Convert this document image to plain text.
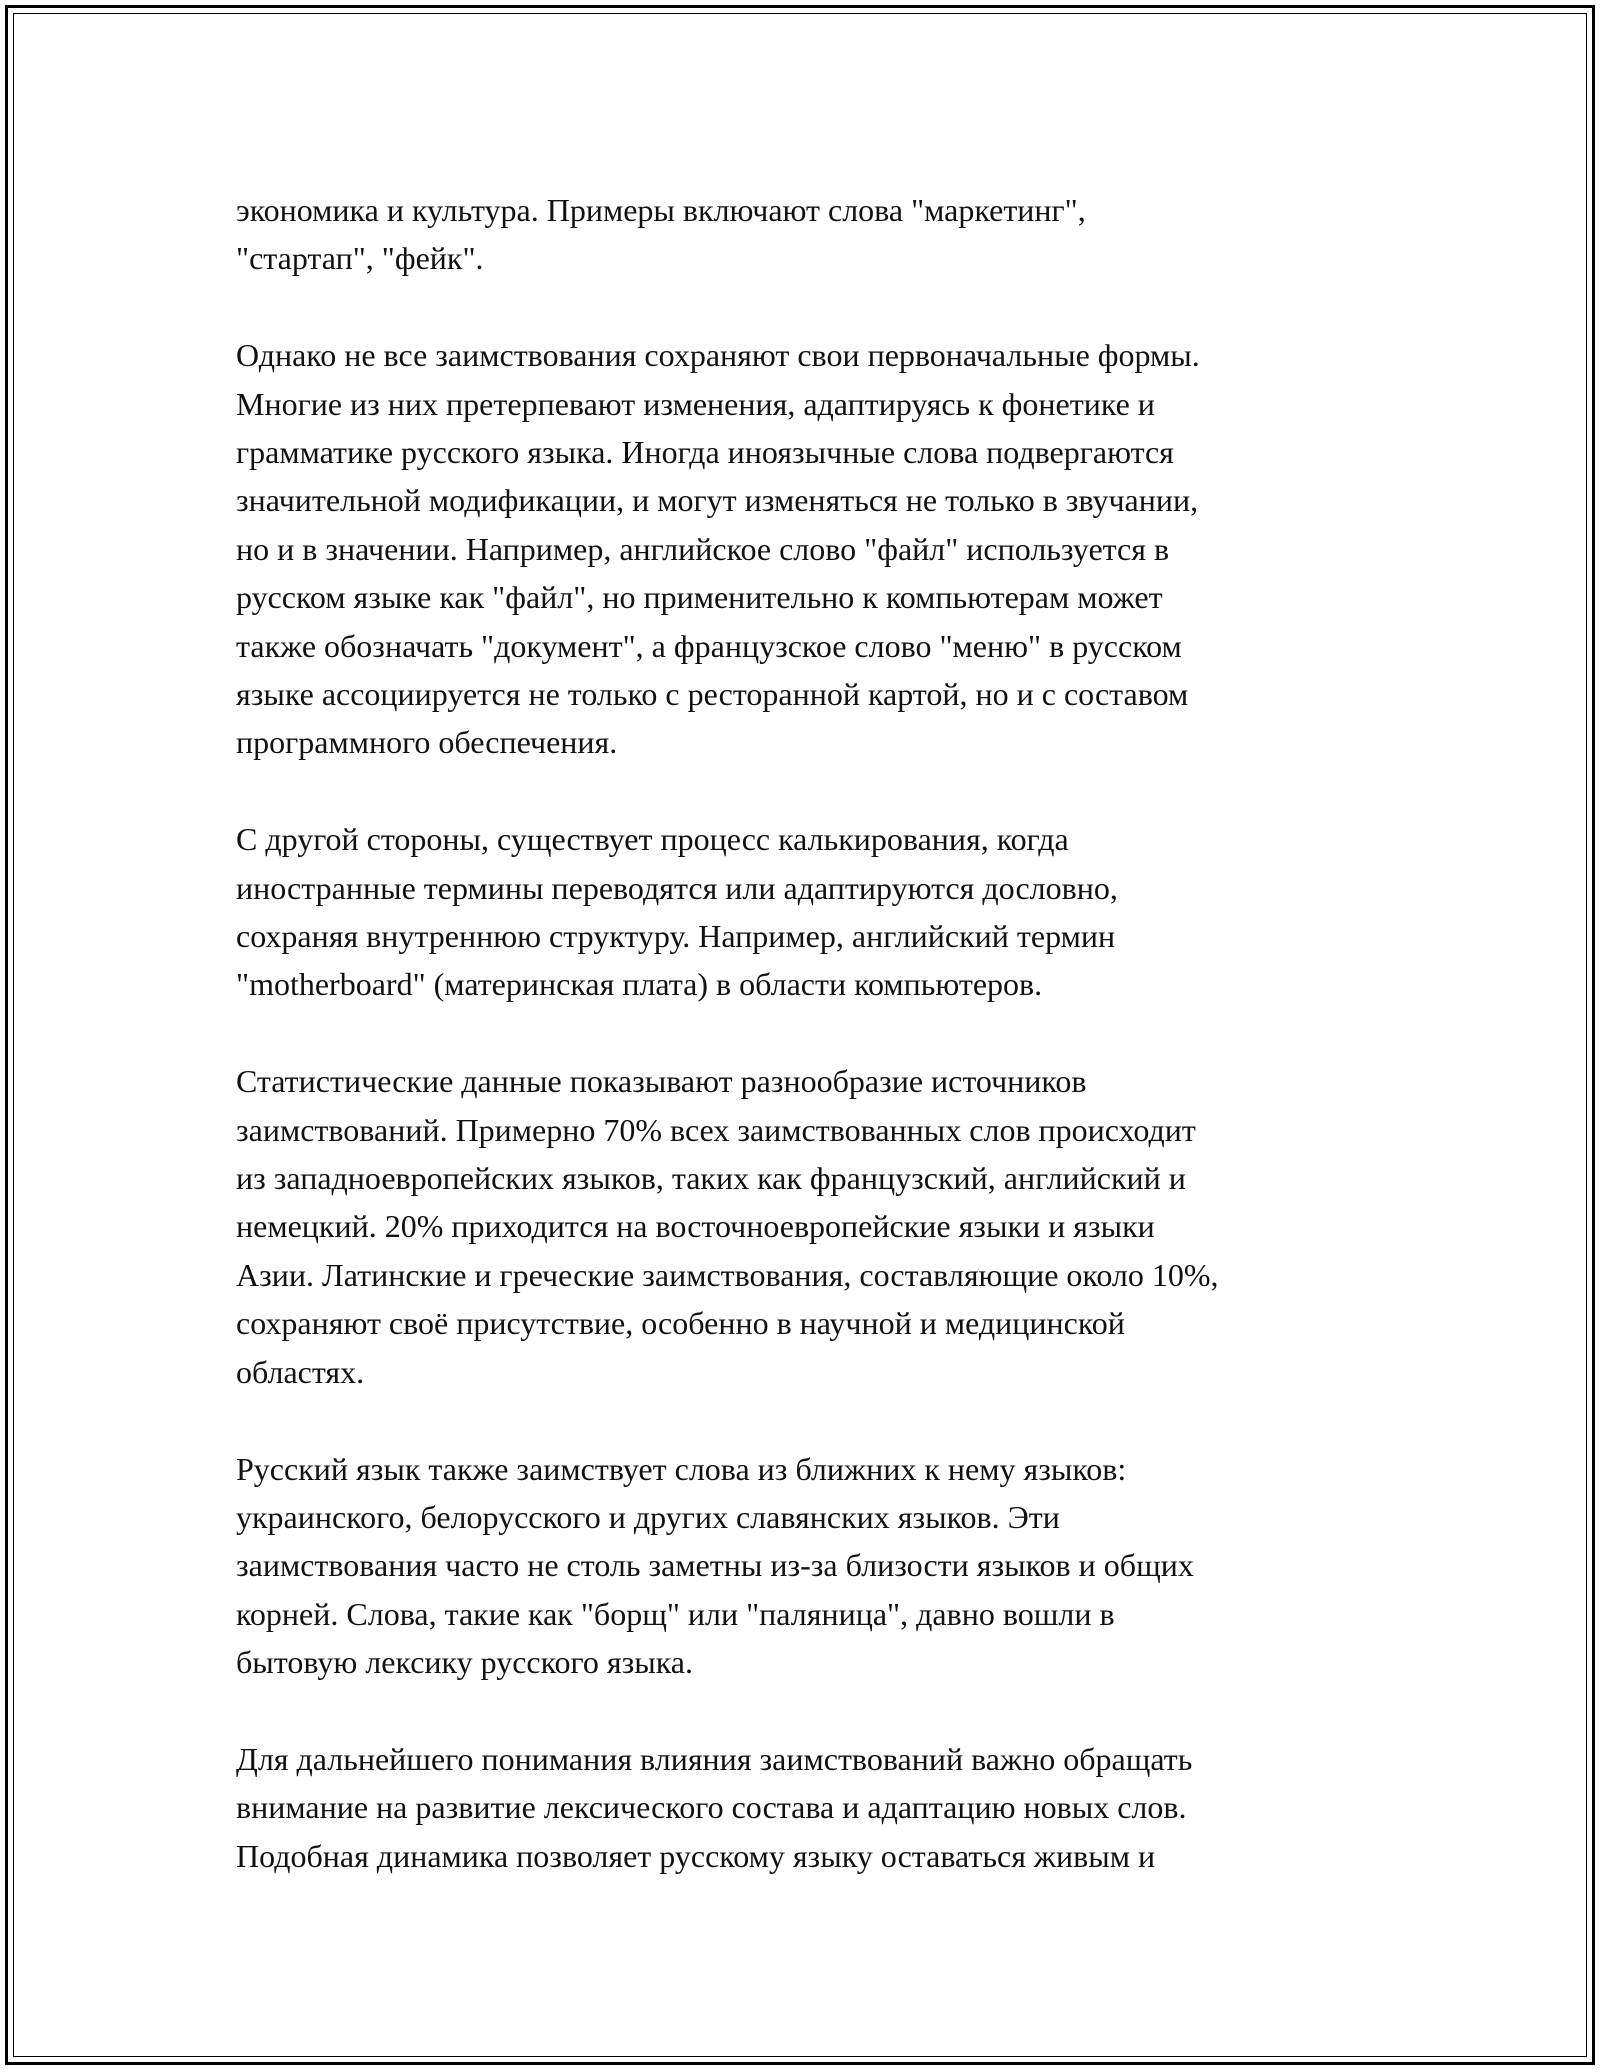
экономика и культура. Примеры включают слова "маркетинг",
"стартап", "фейк".

Однако не все заимствования сохраняют свои первоначальные формы.
Многие из них претерпевают изменения, адаптируясь к фонетике и
грамматике русского языка. Иногда иноязычные слова подвергаются
значительной модификации, и могут изменяться не только в звучании,
но и в значении. Например, английское слово "файл" используется в
русском языке как "файл", но применительно к компьютерам может
также обозначать "документ", а французское слово "меню" в русском
языке ассоциируется не только с ресторанной картой, но и с составом
программного обеспечения.

С другой стороны, существует процесс калькирования, когда
иностранные термины переводятся или адаптируются дословно,
сохраняя внутреннюю структуру. Например, английский термин
"motherboard" (материнская плата) в области компьютеров.

Статистические данные показывают разнообразие источников
заимствований. Примерно 70% всех заимствованных слов происходит
из западноевропейских языков, таких как французский, английский и
немецкий. 20% приходится на восточноевропейские языки и языки
Азии. Латинские и греческие заимствования, составляющие около 10%,
сохраняют своё присутствие, особенно в научной и медицинской
областях.

Русский язык также заимствует слова из ближних к нему языков:
украинского, белорусского и других славянских языков. Эти
заимствования часто не столь заметны из-за близости языков и общих
корней. Слова, такие как "борщ" или "паляница", давно вошли в
бытовую лексику русского языка.

Для дальнейшего понимания влияния заимствований важно обращать
внимание на развитие лексического состава и адаптацию новых слов.
Подобная динамика позволяет русскому языку оставаться живым и
